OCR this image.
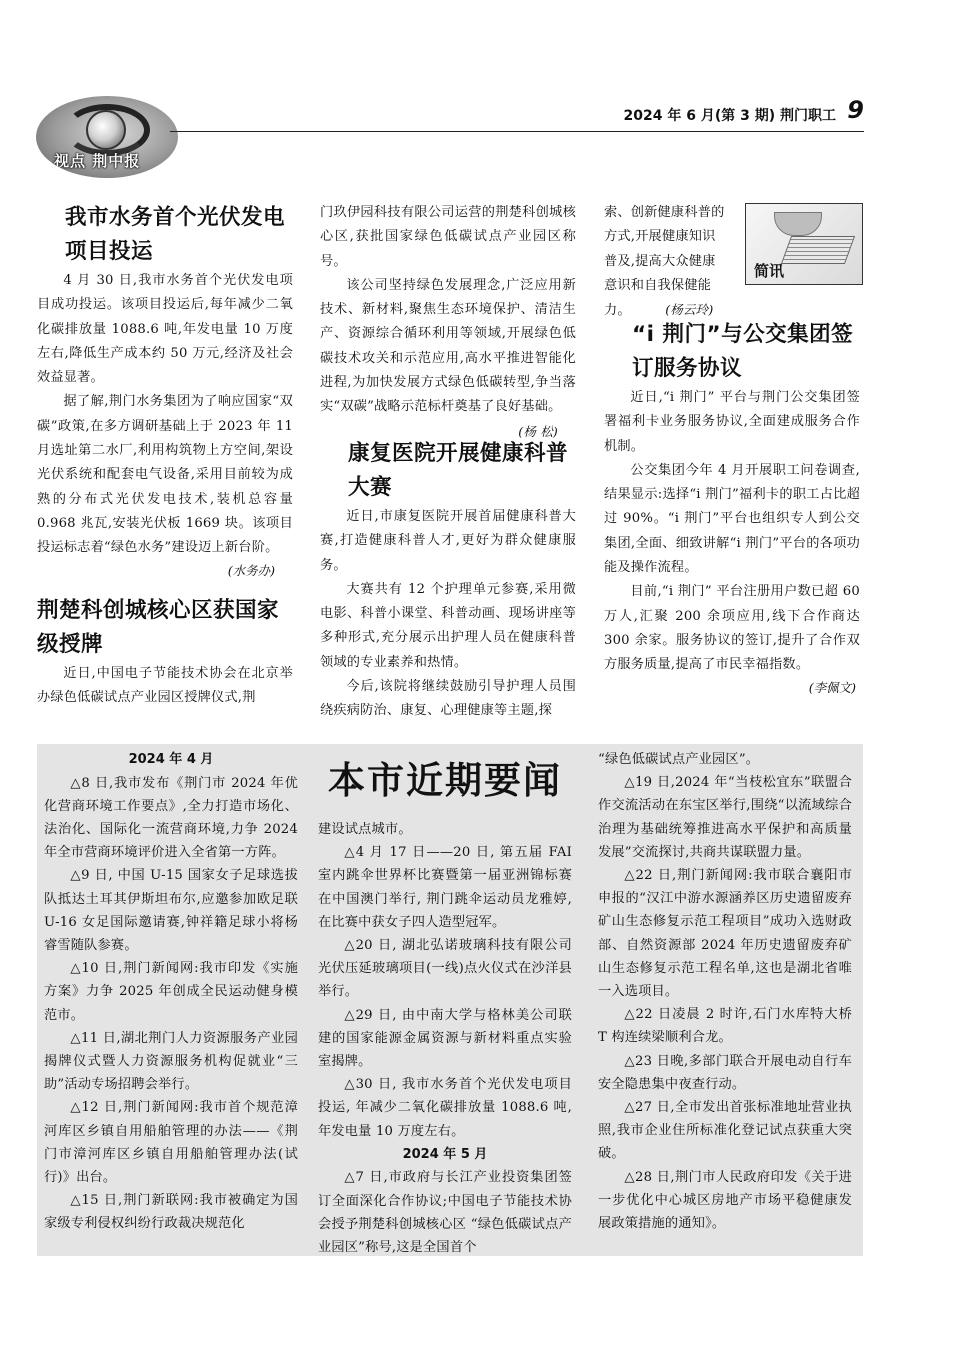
视点 荆中报
2024 年 6 月(第 3 期) 荆门职工 9
我市水务首个光伏发电项目投运

4 月 30 日,我市水务首个光伏发电项目成功投运。该项目投运后,每年减少二氧化碳排放量 1088.6 吨,年发电量 10 万度左右,降低生产成本约 50 万元,经济及社会效益显著。

据了解,荆门水务集团为了响应国家“双碳”政策,在多方调研基础上于 2023 年 11 月选址第二水厂,利用构筑物上方空间,架设光伏系统和配套电气设备,采用目前较为成熟的分布式光伏发电技术,装机总容量 0.968 兆瓦,安装光伏板 1669 块。该项目投运标志着“绿色水务”建设迈上新台阶。

(水务办)
荆楚科创城核心区获国家级授牌

近日,中国电子节能技术协会在北京举办绿色低碳试点产业园区授牌仪式,荆

门玖伊园科技有限公司运营的荆楚科创城核心区,获批国家绿色低碳试点产业园区称号。

该公司坚持绿色发展理念,广泛应用新技术、新材料,聚焦生态环境保护、清洁生产、资源综合循环利用等领域,开展绿色低碳技术攻关和示范应用,高水平推进智能化进程,为加快发展方式绿色低碳转型,争当落实“双碳”战略示范标杆奠基了良好基础。
(杨 松)

康复医院开展健康科普大赛

近日,市康复医院开展首届健康科普大赛,打造健康科普人才,更好为群众健康服务。

大赛共有 12 个护理单元参赛,采用微电影、科普小课堂、科普动画、现场讲座等多种形式,充分展示出护理人员在健康科普领域的专业素养和热情。

今后,该院将继续鼓励引导护理人员围绕疾病防治、康复、心理健康等主题,探

索、创新健康科普的
方式,开展健康知识
普及,提高大众健康
意识和自我保健能
力。	(杨云玲)
简讯
“i 荆门”与公交集团签订服务协议

近日,“i 荆门” 平台与荆门公交集团签署福利卡业务服务协议,全面建成服务合作机制。

公交集团今年 4 月开展职工问卷调查,结果显示:选择“i 荆门”福利卡的职工占比超过 90%。“i 荆门”平台也组织专人到公交集团,全面、细致讲解“i 荆门”平台的各项功能及操作流程。

目前,“i 荆门” 平台注册用户数已超 60 万人,汇聚 200 余项应用,线下合作商达 300 余家。服务协议的签订,提升了合作双方服务质量,提高了市民幸福指数。

(李佩文)
2024 年 4 月

△8 日,我市发布《荆门市 2024 年优化营商环境工作要点》,全力打造市场化、法治化、国际化一流营商环境,力争 2024 年全市营商环境评价进入全省第一方阵。

△9 日, 中国 U-15 国家女子足球选拔队抵达土耳其伊斯坦布尔,应邀参加欧足联 U-16 女足国际邀请赛,钟祥籍足球小将杨睿雪随队参赛。

△10 日,荆门新闻网:我市印发《实施方案》力争 2025 年创成全民运动健身模范市。

△11 日,湖北荆门人力资源服务产业园揭牌仪式暨人力资源服务机构促就业“三助”活动专场招聘会举行。

△12 日,荆门新闻网:我市首个规范漳河库区乡镇自用船舶管理的办法——《荆门市漳河库区乡镇自用船舶管理办法(试行)》出台。

△15 日,荆门新联网:我市被确定为国家级专利侵权纠纷行政裁决规范化

本市近期要闻

建设试点城市。

△4 月 17 日——20 日, 第五届 FAI 室内跳伞世界杯比赛暨第一届亚洲锦标赛在中国澳门举行, 荆门跳伞运动员龙雅婷,在比赛中获女子四人造型冠军。

△20 日, 湖北弘诺玻璃科技有限公司光伏压延玻璃项目(一线)点火仪式在沙洋县举行。

△29 日, 由中南大学与格林美公司联建的国家能源金属资源与新材料重点实验室揭牌。

△30 日, 我市水务首个光伏发电项目投运, 年减少二氧化碳排放量 1088.6 吨,年发电量 10 万度左右。

2024 年 5 月

△7 日,市政府与长江产业投资集团签订全面深化合作协议;中国电子节能技术协会授予荆楚科创城核心区 “绿色低碳试点产业园区”称号,这是全国首个

“绿色低碳试点产业园区”。

△19 日,2024 年“当枝松宜东”联盟合作交流活动在东宝区举行,围绕“以流域综合治理为基础统筹推进高水平保护和高质量发展”交流探讨,共商共谋联盟力量。

△22 日,荆门新闻网:我市联合襄阳市申报的“汉江中游水源涵养区历史遗留废弃矿山生态修复示范工程项目”成功入选财政部、自然资源部 2024 年历史遗留废弃矿山生态修复示范工程名单,这也是湖北省唯一入选项目。

△22 日凌晨 2 时许,石门水库特大桥 T 构连续梁顺利合龙。

△23 日晚,多部门联合开展电动自行车安全隐患集中夜查行动。

△27 日,全市发出首张标准地址营业执照,我市企业住所标准化登记试点获重大突破。

△28 日,荆门市人民政府印发《关于进一步优化中心城区房地产市场平稳健康发展政策措施的通知》。
